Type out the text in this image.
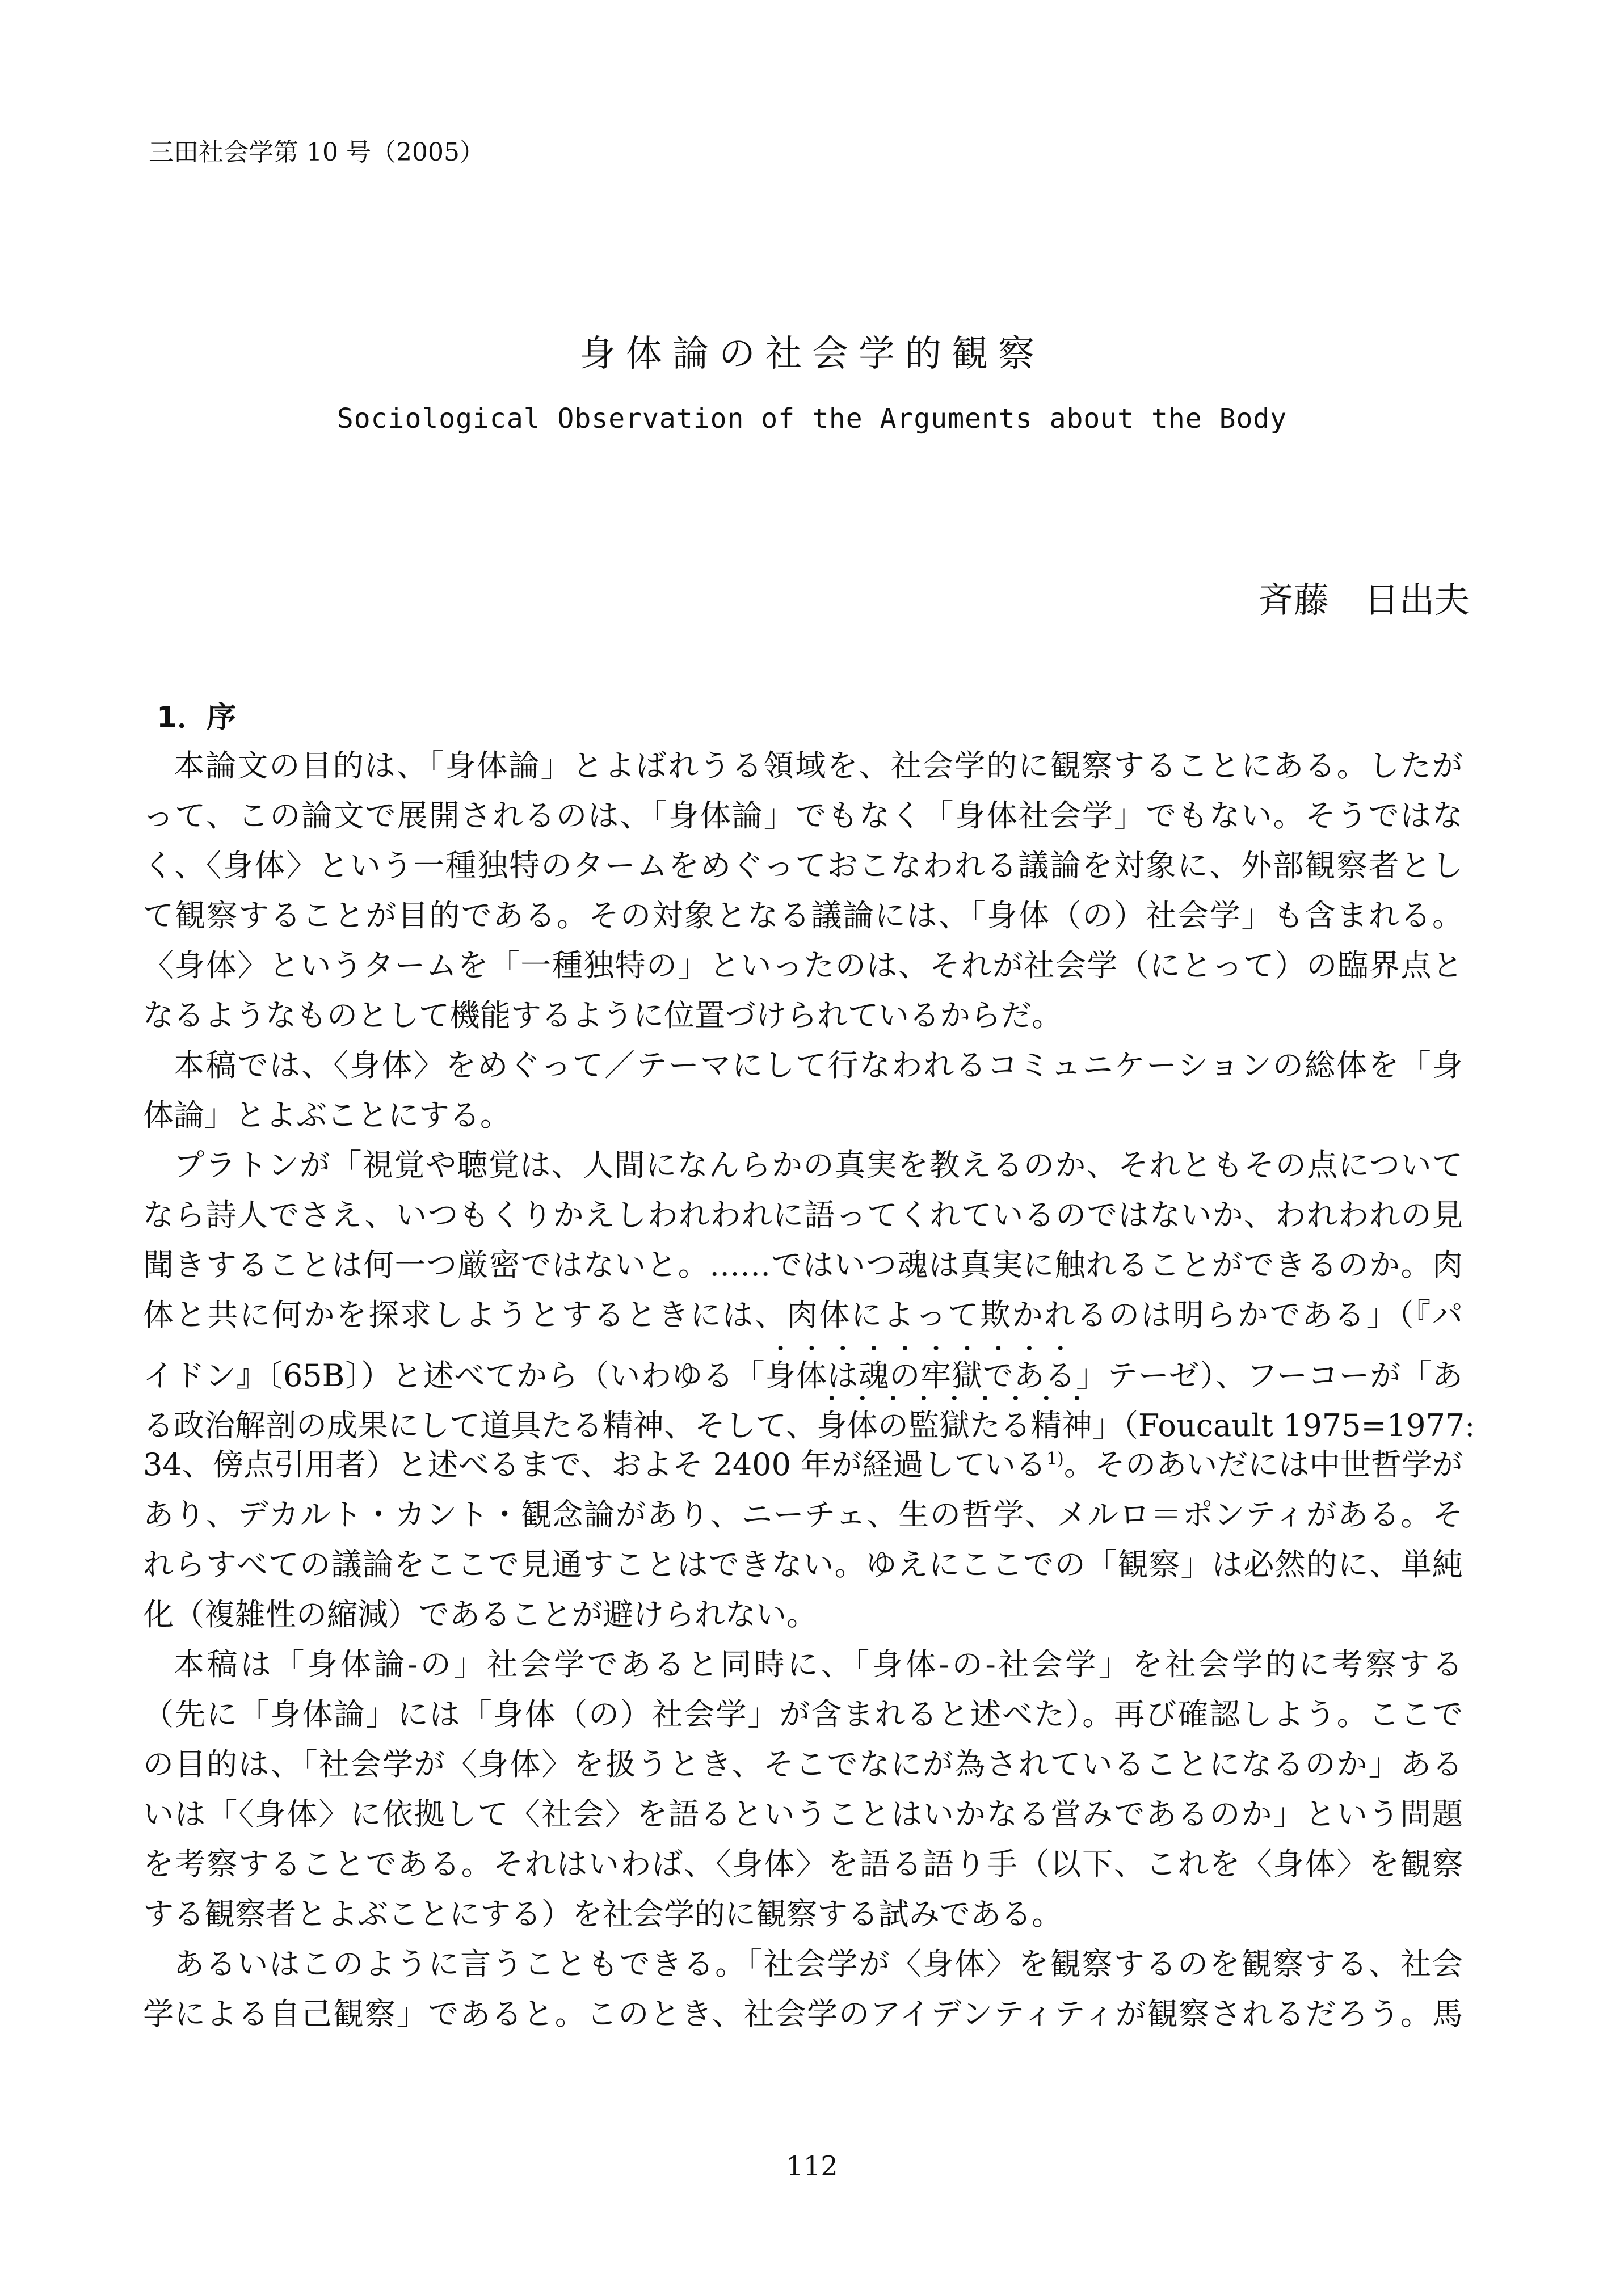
三田社会学第 10 号（2005）
身体論の社会学的観察
Sociological Observation of the Arguments about the Body
斉藤　日出夫
1．序
本論文の目的は、「身体論」とよばれうる領域を、社会学的に観察することにある。したが
って、この論文で展開されるのは、「身体論」でもなく「身体社会学」でもない。そうではな
く、〈身体〉という一種独特のタームをめぐっておこなわれる議論を対象に、外部観察者とし
て観察することが目的である。その対象となる議論には、「身体（の）社会学」も含まれる。
〈身体〉というタームを「一種独特の」といったのは、それが社会学（にとって）の臨界点と
なるようなものとして機能するように位置づけられているからだ。
本稿では、〈身体〉をめぐって／テーマにして行なわれるコミュニケーションの総体を「身
体論」とよぶことにする。
プラトンが「視覚や聴覚は、人間になんらかの真実を教えるのか、それともその点について
なら詩人でさえ、いつもくりかえしわれわれに語ってくれているのではないか、われわれの見
聞きすることは何一つ厳密ではないと。……ではいつ魂は真実に触れることができるのか。肉
体と共に何かを探求しようとするときには、肉体によって欺かれるのは明らかである」（『パ
イドン』〔65B〕）と述べてから（いわゆる「身体は魂の牢獄である」テーゼ）、フーコーが「あ
る政治解剖の成果にして道具たる精神、そして、身体の監獄たる精神」（Foucault 1975=1977:
34、傍点引用者）と述べるまで、およそ 2400 年が経過している$^{1)}$。そのあいだには中世哲学が
あり、デカルト・カント・観念論があり、ニーチェ、生の哲学、メルロ＝ポンティがある。そ
れらすべての議論をここで見通すことはできない。ゆえにここでの「観察」は必然的に、単純
化（複雑性の縮減）であることが避けられない。
本稿は「身体論‐の」社会学であると同時に、「身体‐の‐社会学」を社会学的に考察する
（先に「身体論」には「身体（の）社会学」が含まれると述べた）。再び確認しよう。ここで
の目的は、「社会学が〈身体〉を扱うとき、そこでなにが為されていることになるのか」ある
いは「〈身体〉に依拠して〈社会〉を語るということはいかなる営みであるのか」という問題
を考察することである。それはいわば、〈身体〉を語る語り手（以下、これを〈身体〉を観察
する観察者とよぶことにする）を社会学的に観察する試みである。
あるいはこのように言うこともできる。「社会学が〈身体〉を観察するのを観察する、社会
学による自己観察」であると。このとき、社会学のアイデンティティが観察されるだろう。馬
112
